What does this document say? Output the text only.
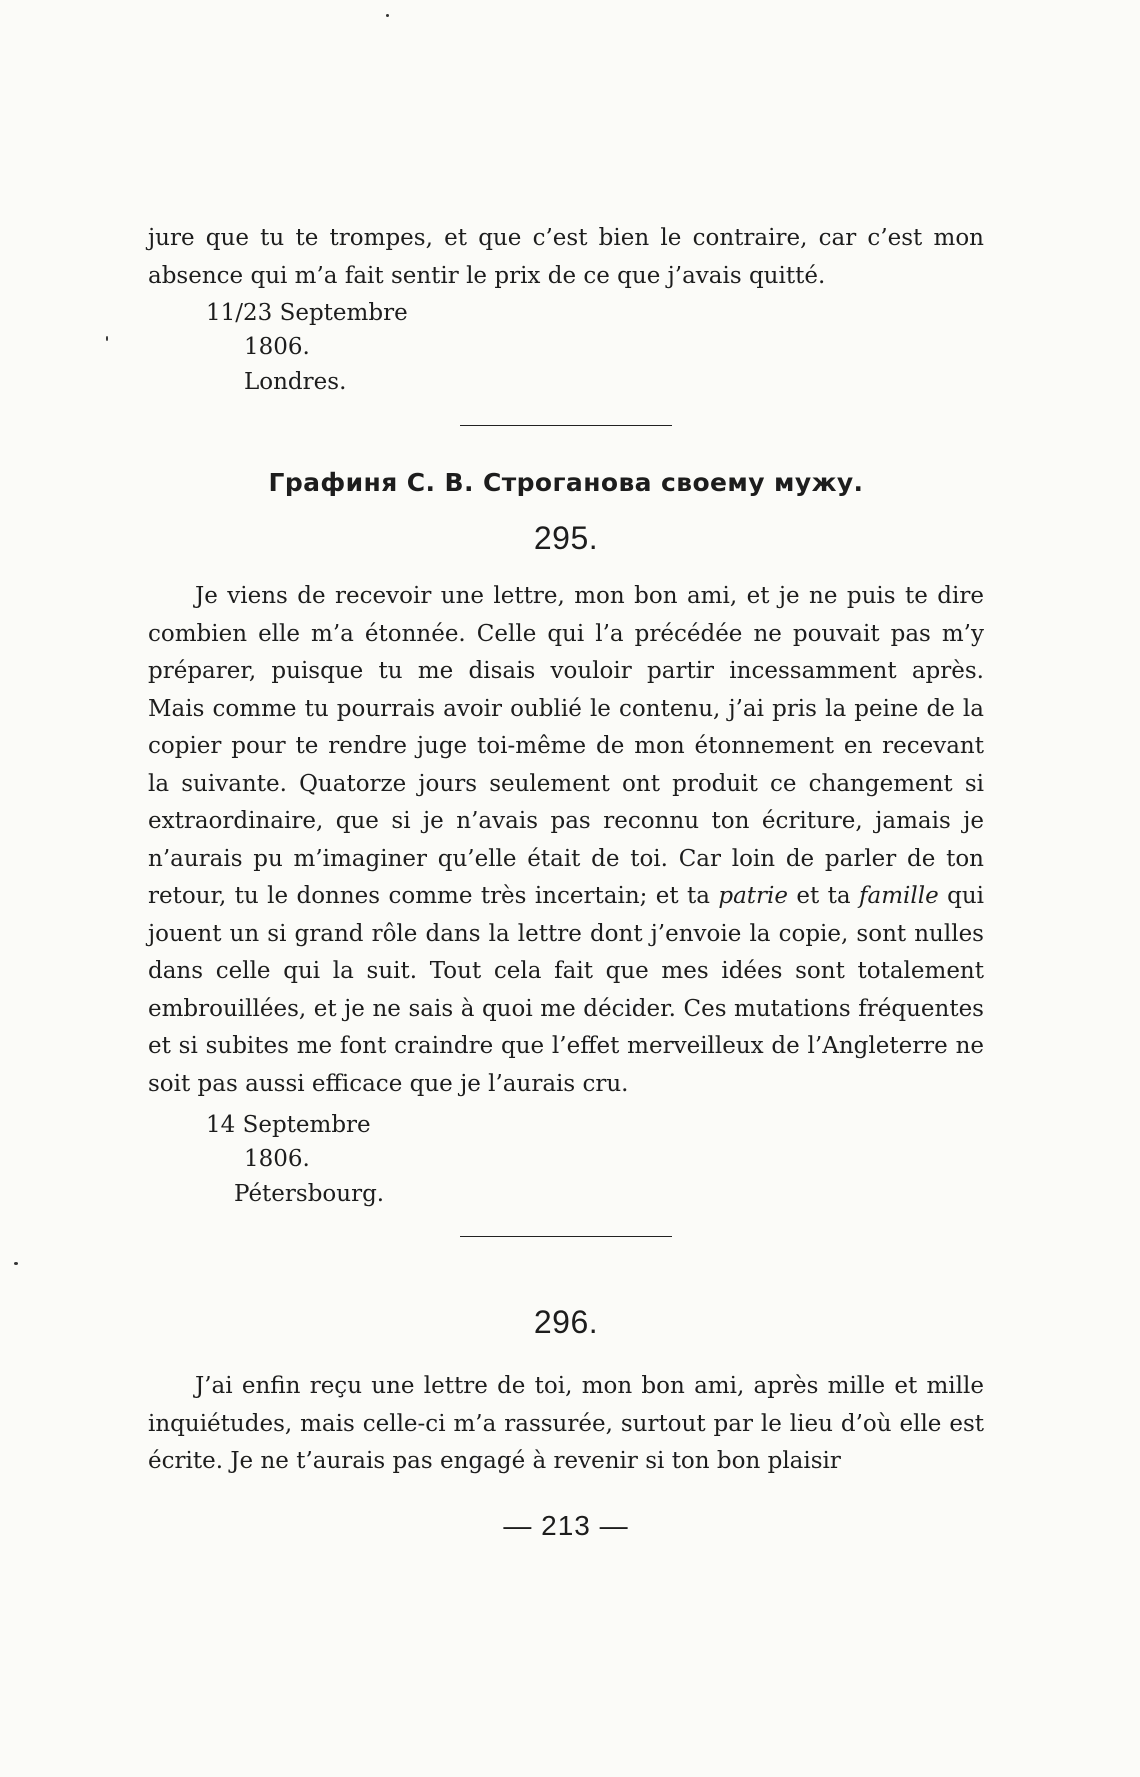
jure que tu te trompes, et que c’est bien le contraire, car c’est mon absence qui m’a fait sentir le prix de ce que j’avais quitté.

11/23 Septembre

1806.

Londres.

Графиня С. В. Строганова своему мужу.
295.

Je viens de recevoir une lettre, mon bon ami, et je ne puis te dire combien elle m’a étonnée. Celle qui l’a précédée ne pouvait pas m’y préparer, puisque tu me disais vouloir partir incessamment après. Mais comme tu pourrais avoir oublié le contenu, j’ai pris la peine de la copier pour te rendre juge toi-même de mon étonnement en recevant la suivante. Quatorze jours seulement ont produit ce changement si extraordinaire, que si je n’avais pas reconnu ton écriture, jamais je n’aurais pu m’imaginer qu’elle était de toi. Car loin de parler de ton retour, tu le donnes comme très incertain; et ta patrie et ta famille qui jouent un si grand rôle dans la lettre dont j’envoie la copie, sont nulles dans celle qui la suit. Tout cela fait que mes idées sont totalement embrouillées, et je ne sais à quoi me décider. Ces mutations fréquentes et si subites me font craindre que l’effet merveilleux de l’Angleterre ne soit pas aussi efficace que je l’aurais cru.

14 Septembre

1806.

Pétersbourg.

296.

J’ai enfin reçu une lettre de toi, mon bon ami, après mille et mille inquiétudes, mais celle-ci m’a rassurée, surtout par le lieu d’où elle est écrite. Je ne t’aurais pas engagé à revenir si ton bon plaisir

— 213 —
